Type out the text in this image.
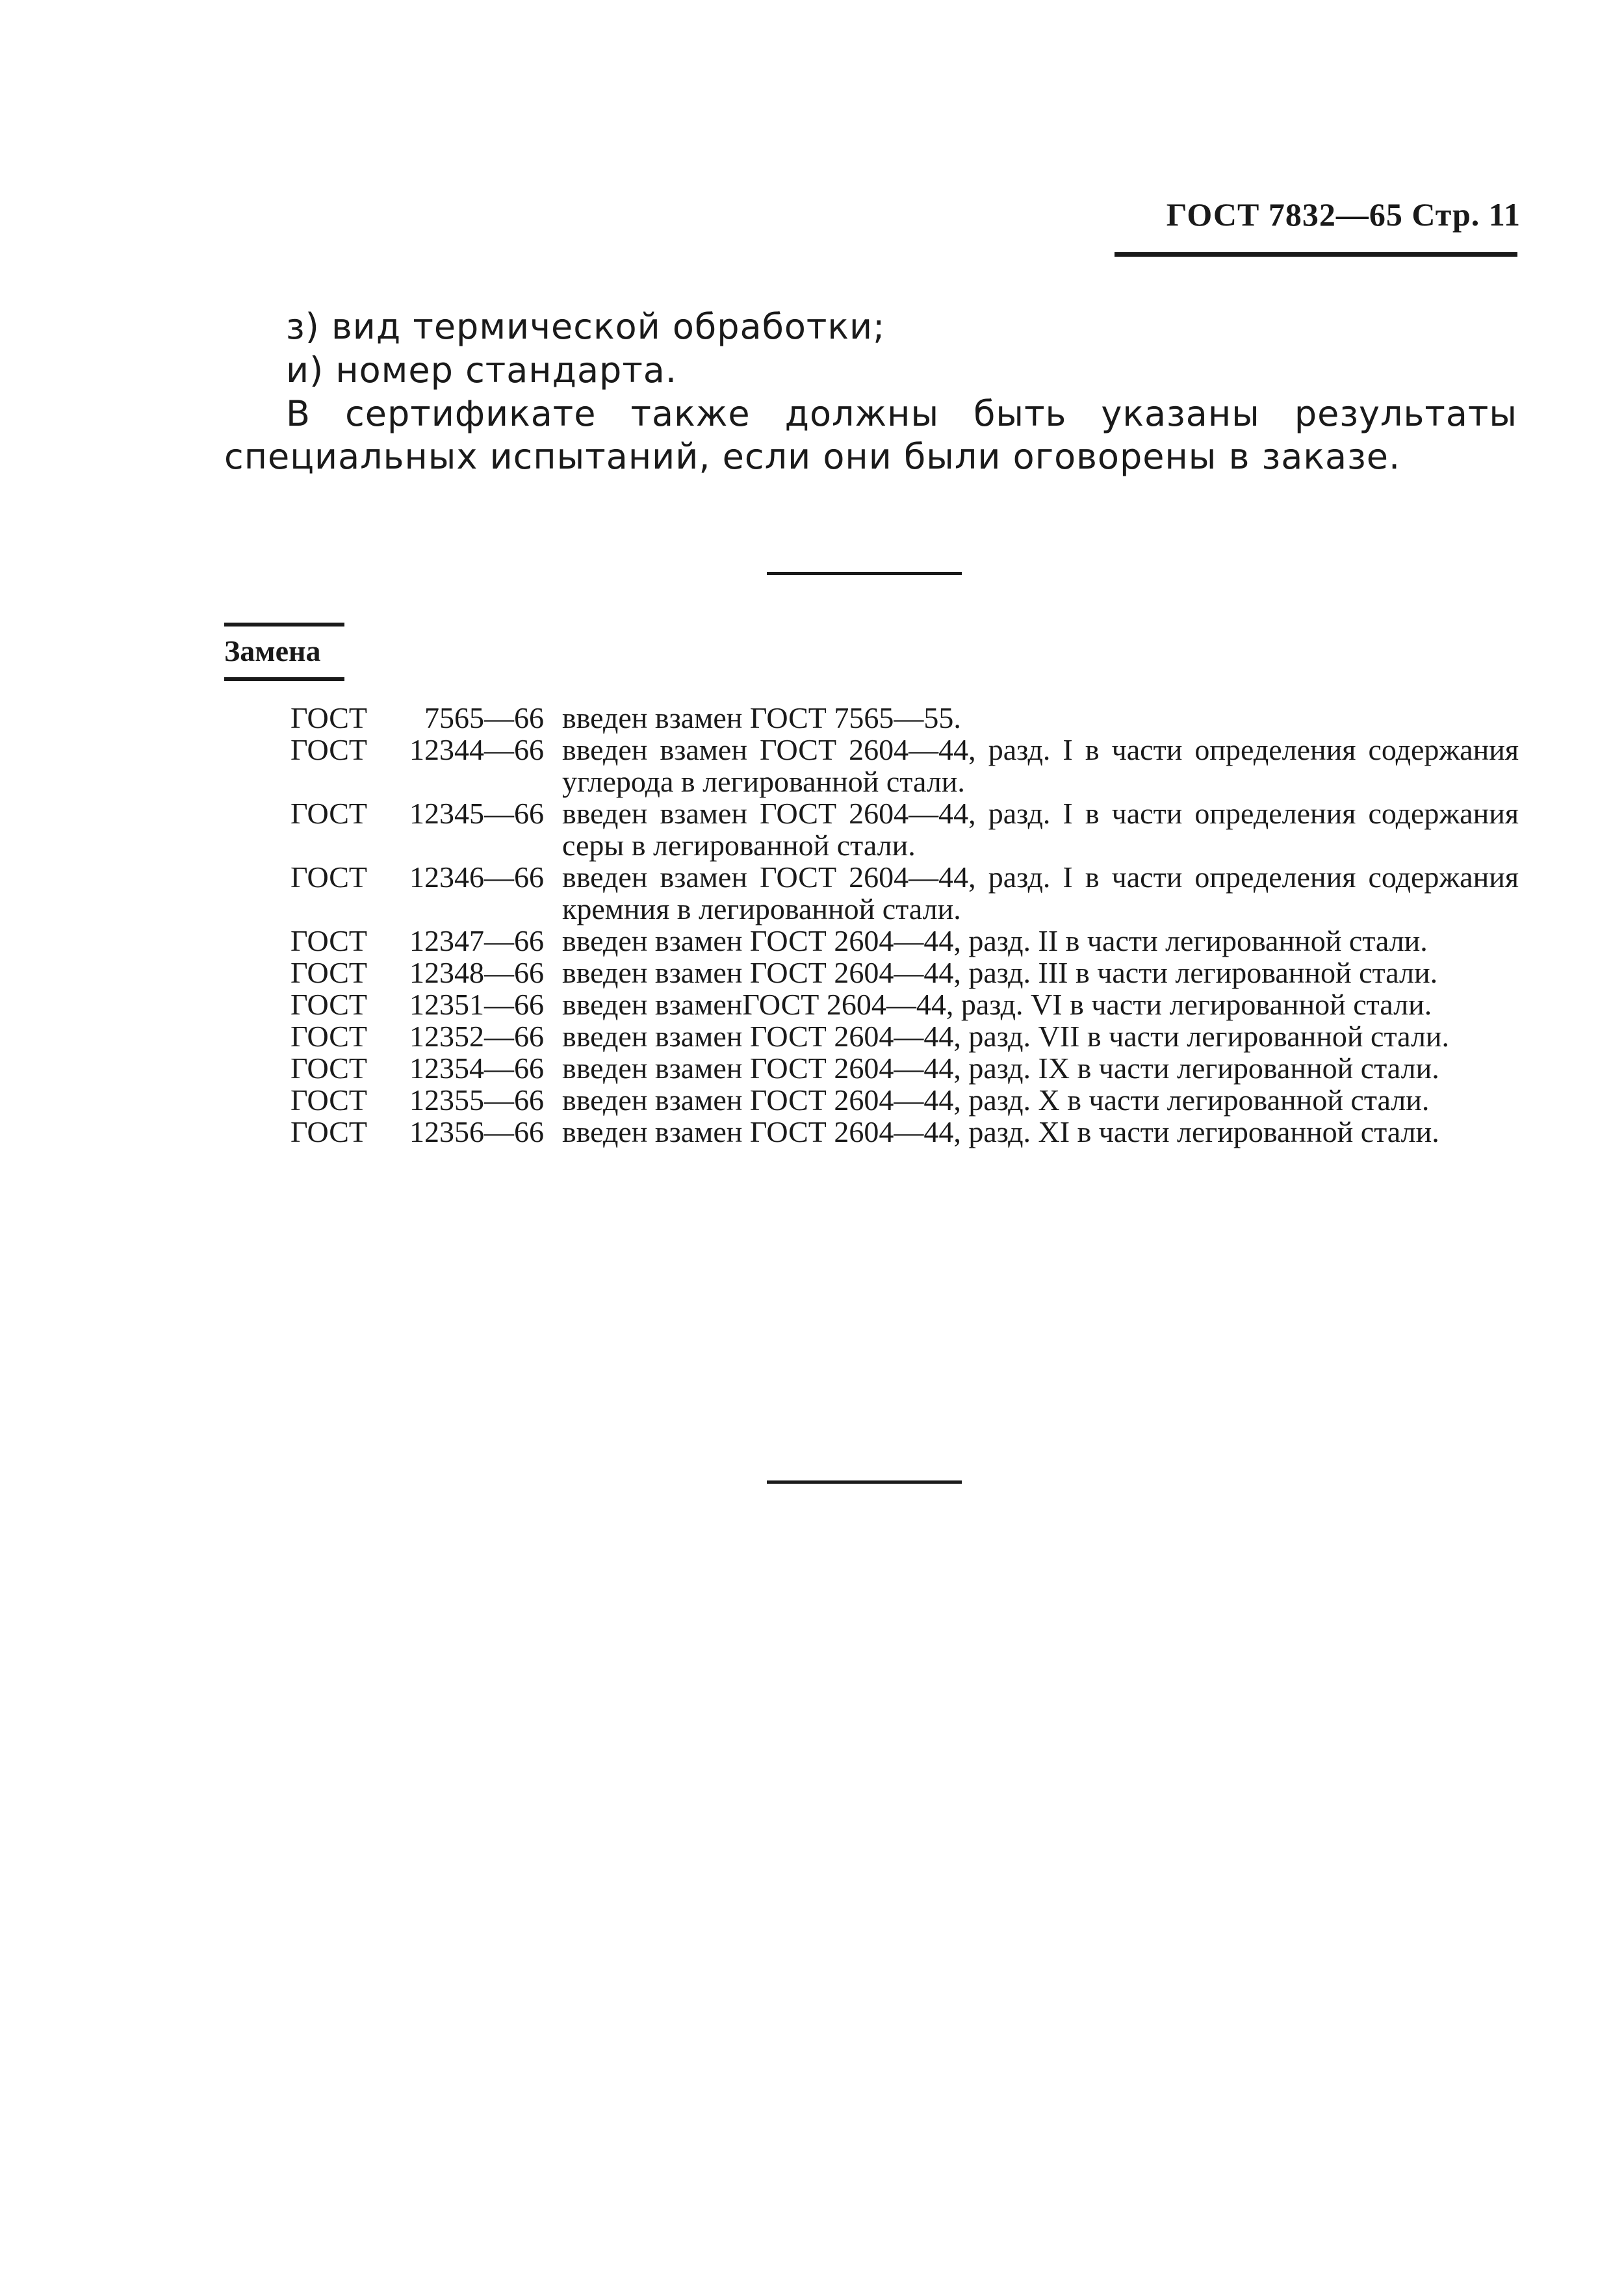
ГОСТ 7832—65 Стр. 11
з) вид термической обработки;
и) номер стандарта.
В сертификате также должны быть указаны результаты специальных испытаний, если они были оговорены в заказе.
Замена
ГОСТ	7565—66 введен взамен ГОСТ 7565—55.
ГОСТ	12344—66 введен взамен ГОСТ 2604—44, разд. I в части определения содержания углерода в легированной стали.
ГОСТ	12345—66 введен взамен ГОСТ 2604—44, разд. I в части определения содержания серы в легированной стали.
ГОСТ	12346—66 введен взамен ГОСТ 2604—44, разд. I в части определения содержания кремния в легированной стали.
ГОСТ	12347—66 введен взамен ГОСТ 2604—44, разд. II в части легированной стали.
ГОСТ	12348—66 введен взамен ГОСТ 2604—44, разд. III в части легированной стали.
ГОСТ	12351—66 введен взаменГОСТ 2604—44, разд. VI в части легированной стали.
ГОСТ	12352—66 введен взамен ГОСТ 2604—44, разд. VII в части легированной стали.
ГОСТ	12354—66 введен взамен ГОСТ 2604—44, разд. IX в части легированной стали.
ГОСТ	12355—66 введен взамен ГОСТ 2604—44, разд. X в части легированной стали.
ГОСТ	12356—66 введен взамен ГОСТ 2604—44, разд. XI в части легированной стали.
